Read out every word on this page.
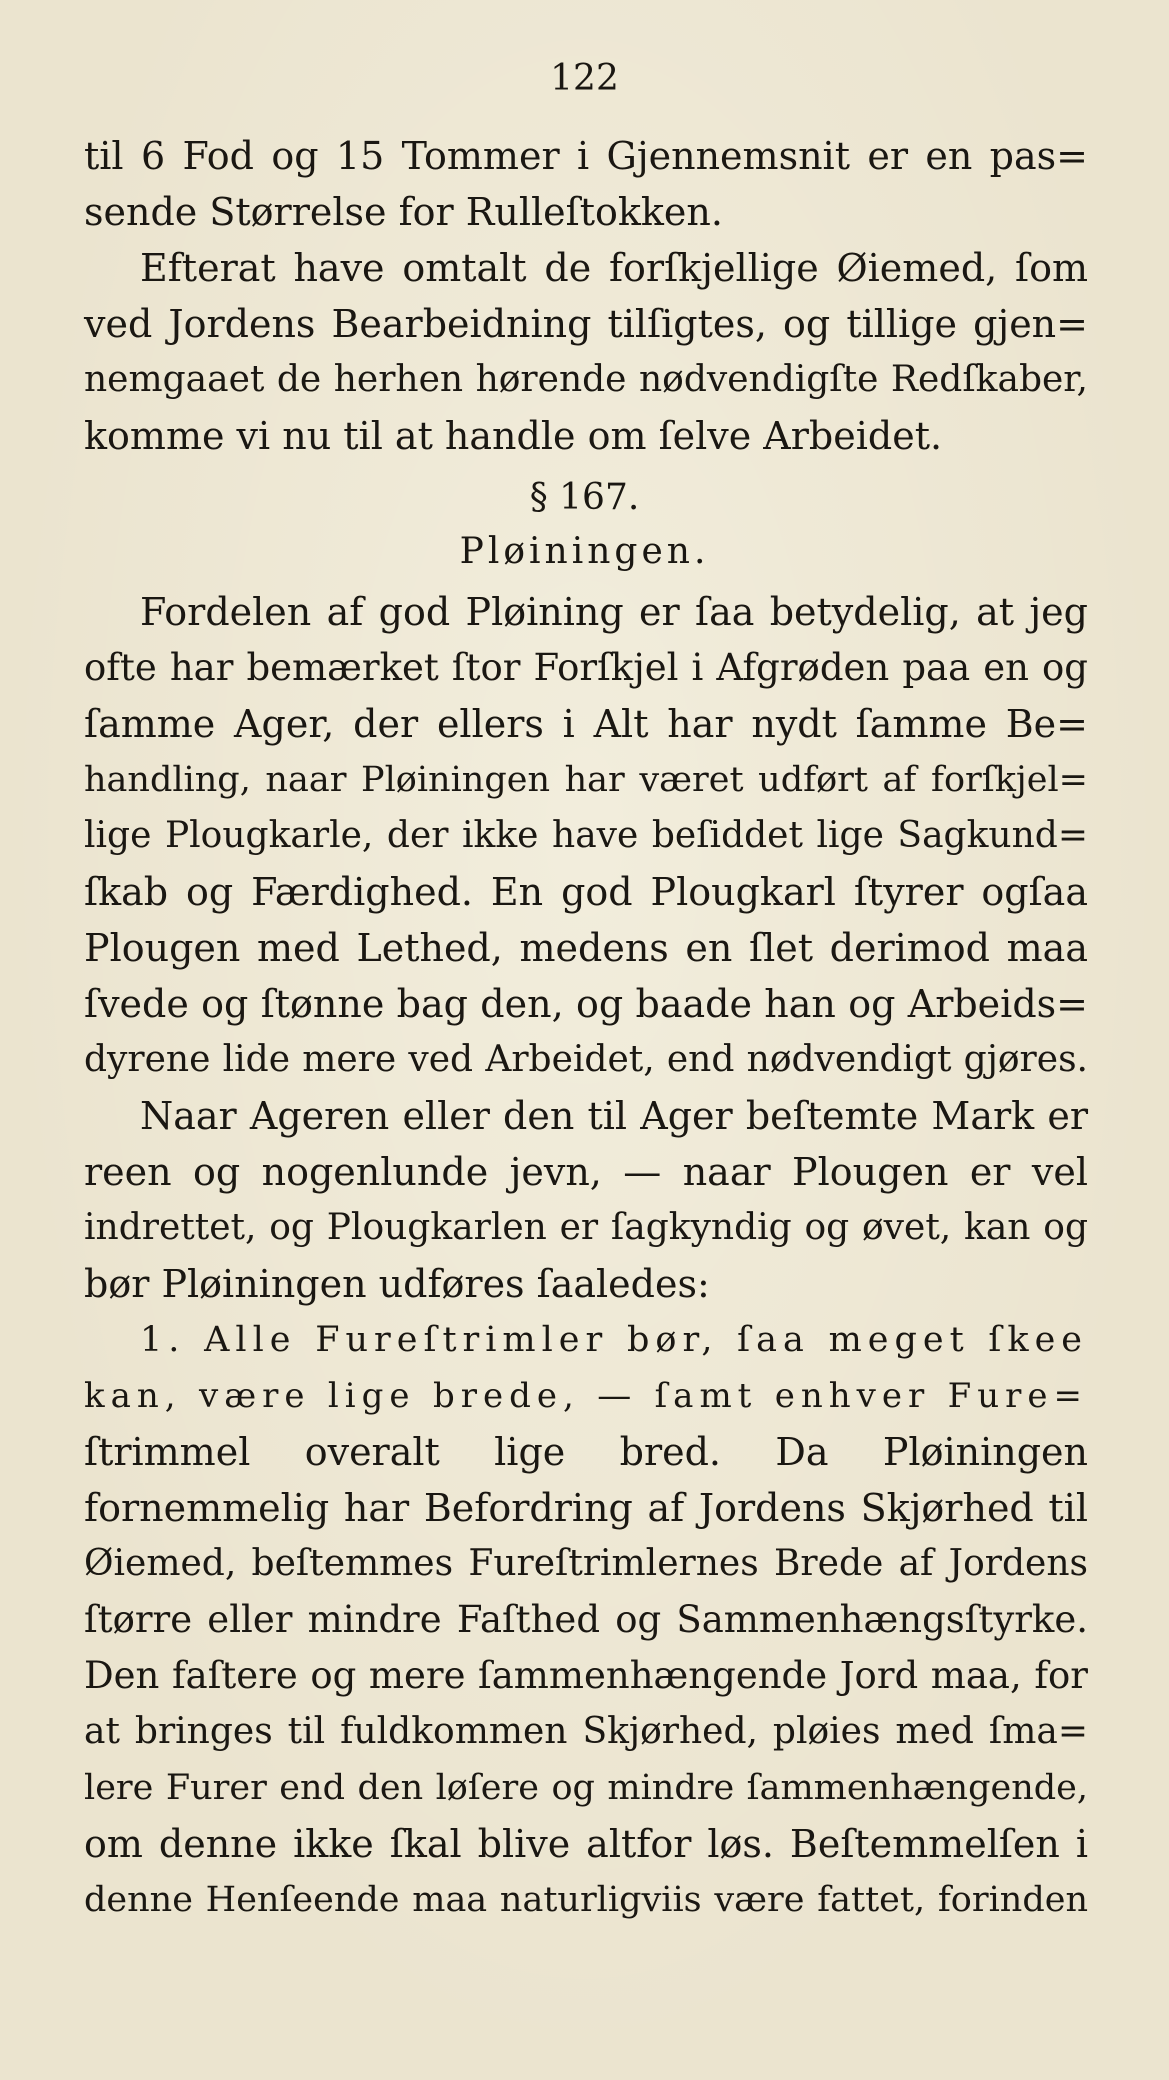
122
til 6 Fod og 15 Tommer i Gjennemsnit er en pas=
sende Størrelse for Rulleſtokken.
Efterat have omtalt de forſkjellige Øiemed, ſom
ved Jordens Bearbeidning tilſigtes, og tillige gjen=
nemgaaet de herhen hørende nødvendigſte Redſkaber,
komme vi nu til at handle om ſelve Arbeidet.
§ 167.
Pløiningen.
Fordelen af god Pløining er ſaa betydelig, at jeg
ofte har bemærket ſtor Forſkjel i Afgrøden paa en og
ſamme Ager, der ellers i Alt har nydt ſamme Be=
handling, naar Pløiningen har været udført af forſkjel=
lige Plougkarle, der ikke have beſiddet lige Sagkund=
ſkab og Færdighed. En god Plougkarl ſtyrer ogſaa
Plougen med Lethed, medens en ſlet derimod maa
ſvede og ſtønne bag den, og baade han og Arbeids=
dyrene lide mere ved Arbeidet, end nødvendigt gjøres.
Naar Ageren eller den til Ager beſtemte Mark er
reen og nogenlunde jevn, — naar Plougen er vel
indrettet, og Plougkarlen er ſagkyndig og øvet, kan og
bør Pløiningen udføres ſaaledes:
1. Alle Fureſtrimler bør, ſaa meget ſkee
kan, være lige brede, — ſamt enhver Fure=
ſtrimmel overalt lige bred. Da Pløiningen
fornemmelig har Befordring af Jordens Skjørhed til
Øiemed, beſtemmes Fureſtrimlernes Brede af Jordens
ſtørre eller mindre Faſthed og Sammenhængsſtyrke.
Den faſtere og mere ſammenhængende Jord maa, for
at bringes til fuldkommen Skjørhed, pløies med ſma=
lere Furer end den løſere og mindre ſammenhængende,
om denne ikke ſkal blive altfor løs. Beſtemmelſen i
denne Henſeende maa naturligviis være fattet, forinden
